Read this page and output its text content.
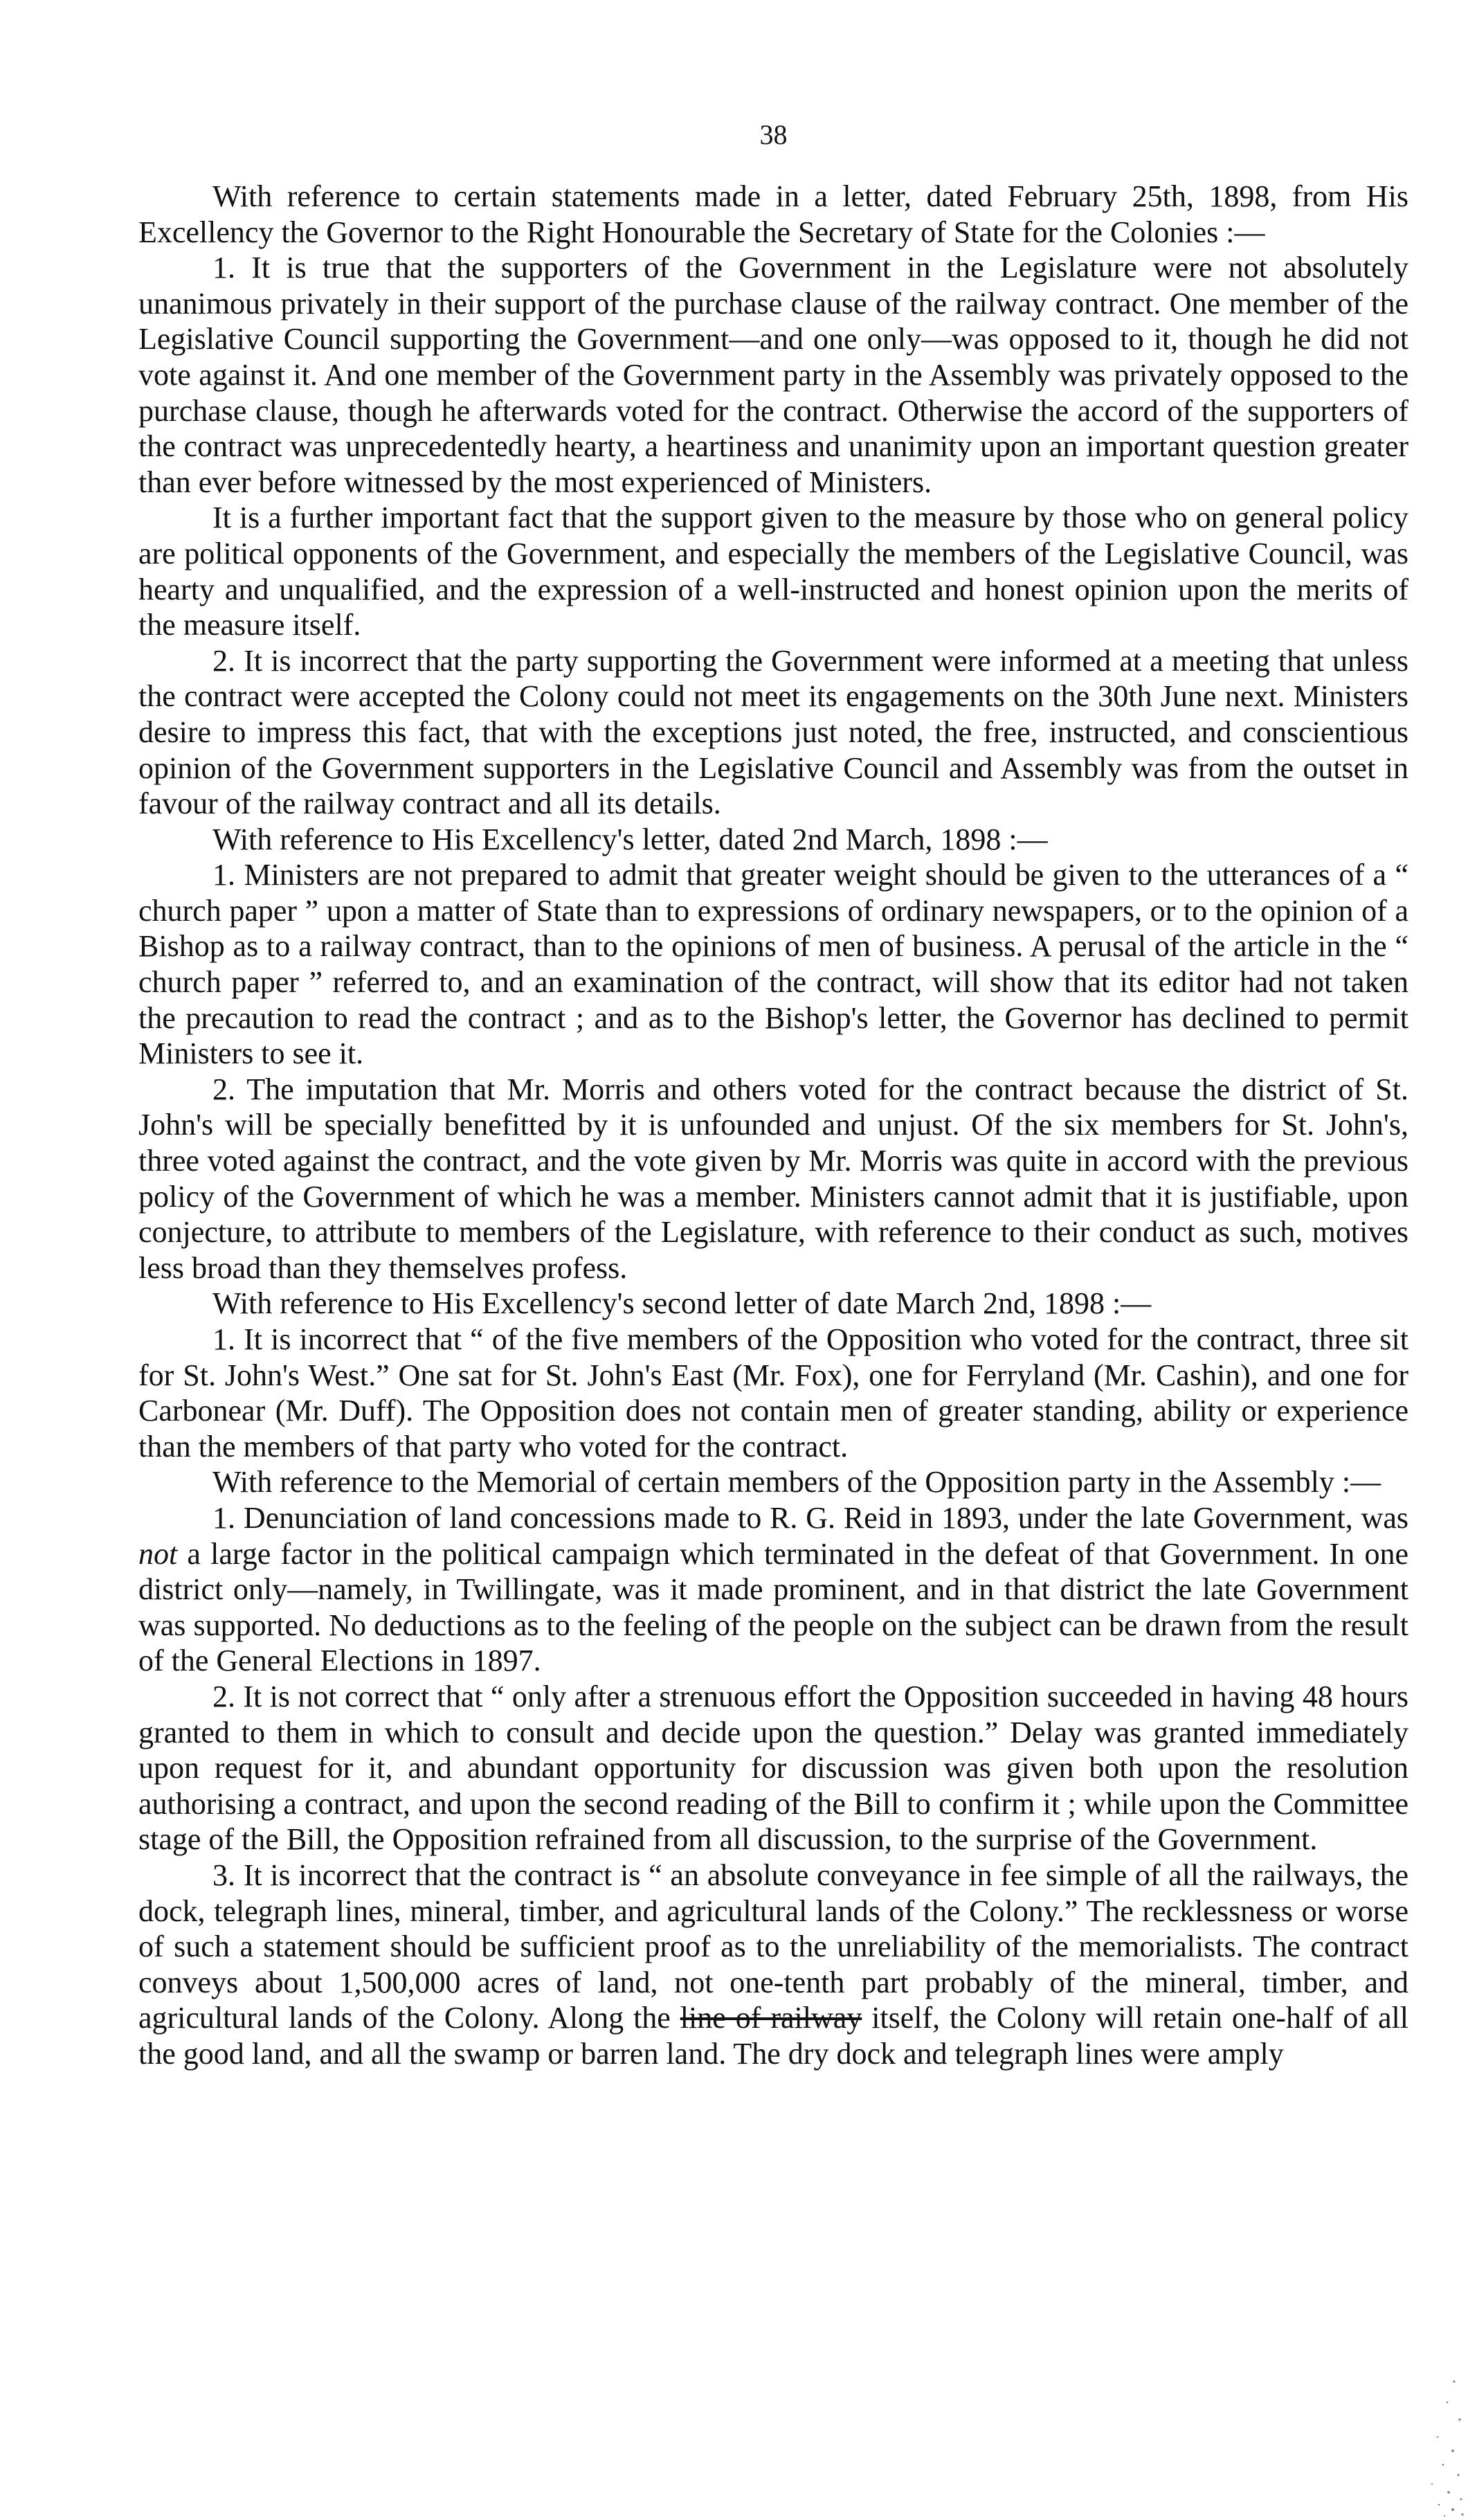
38

With reference to certain statements made in a letter, dated February 25th, 1898, from His Excellency the Governor to the Right Honourable the Secretary of State for the Colonies :—

1. It is true that the supporters of the Government in the Legislature were not absolutely unanimous privately in their support of the purchase clause of the railway contract. One member of the Legislative Council supporting the Government—and one only—was opposed to it, though he did not vote against it. And one member of the Government party in the Assembly was privately opposed to the purchase clause, though he afterwards voted for the contract. Otherwise the accord of the supporters of the contract was unprecedentedly hearty, a heartiness and unanimity upon an important question greater than ever before witnessed by the most experienced of Ministers.

It is a further important fact that the support given to the measure by those who on general policy are political opponents of the Government, and especially the members of the Legislative Council, was hearty and unqualified, and the expression of a well-instructed and honest opinion upon the merits of the measure itself.

2. It is incorrect that the party supporting the Government were informed at a meeting that unless the contract were accepted the Colony could not meet its engagements on the 30th June next. Ministers desire to impress this fact, that with the exceptions just noted, the free, instructed, and conscientious opinion of the Government supporters in the Legislative Council and Assembly was from the outset in favour of the railway contract and all its details.

With reference to His Excellency's letter, dated 2nd March, 1898 :—

1. Ministers are not prepared to admit that greater weight should be given to the utterances of a “ church paper ” upon a matter of State than to expressions of ordinary newspapers, or to the opinion of a Bishop as to a railway contract, than to the opinions of men of business. A perusal of the article in the “ church paper ” referred to, and an examination of the contract, will show that its editor had not taken the precaution to read the contract ; and as to the Bishop's letter, the Governor has declined to permit Ministers to see it.

2. The imputation that Mr. Morris and others voted for the contract because the district of St. John's will be specially benefitted by it is unfounded and unjust. Of the six members for St. John's, three voted against the contract, and the vote given by Mr. Morris was quite in accord with the previous policy of the Government of which he was a member. Ministers cannot admit that it is justifiable, upon conjecture, to attribute to members of the Legislature, with reference to their conduct as such, motives less broad than they themselves profess.

With reference to His Excellency's second letter of date March 2nd, 1898 :—

1. It is incorrect that “ of the five members of the Opposition who voted for the contract, three sit for St. John's West.” One sat for St. John's East (Mr. Fox), one for Ferryland (Mr. Cashin), and one for Carbonear (Mr. Duff). The Opposition does not contain men of greater standing, ability or experience than the members of that party who voted for the contract.

With reference to the Memorial of certain members of the Opposition party in the Assembly :—

1. Denunciation of land concessions made to R. G. Reid in 1893, under the late Government, was not a large factor in the political campaign which terminated in the defeat of that Government. In one district only—namely, in Twillingate, was it made prominent, and in that district the late Government was supported. No deductions as to the feeling of the people on the subject can be drawn from the result of the General Elections in 1897.

2. It is not correct that “ only after a strenuous effort the Opposition succeeded in having 48 hours granted to them in which to consult and decide upon the question.” Delay was granted immediately upon request for it, and abundant opportunity for discussion was given both upon the resolution authorising a contract, and upon the second reading of the Bill to confirm it ; while upon the Committee stage of the Bill, the Opposition refrained from all discussion, to the surprise of the Government.

3. It is incorrect that the contract is “ an absolute conveyance in fee simple of all the railways, the dock, telegraph lines, mineral, timber, and agricultural lands of the Colony.” The recklessness or worse of such a statement should be sufficient proof as to the unreliability of the memorialists. The contract conveys about 1,500,000 acres of land, not one-tenth part probably of the mineral, timber, and agricultural lands of the Colony. Along the line of railway itself, the Colony will retain one-half of all the good land, and all the swamp or barren land. The dry dock and telegraph lines were amply
